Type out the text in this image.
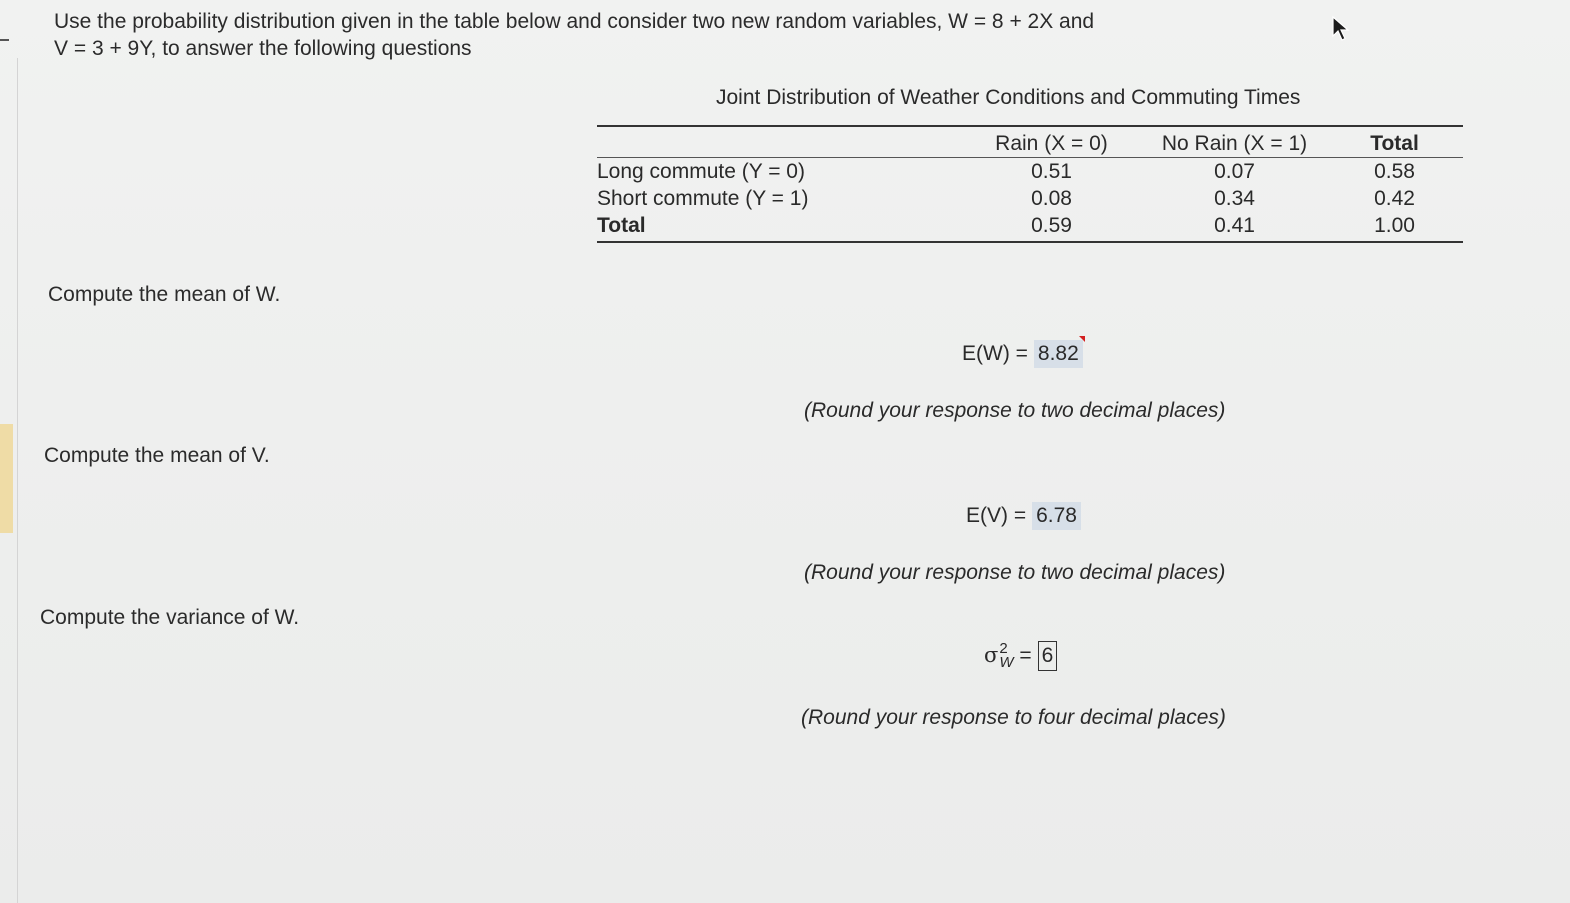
Use the probability distribution given in the table below and consider two new random variables, W = 8 + 2X and
V = 3 + 9Y, to answer the following questions
Compute the mean of W.
Compute the mean of V.
Compute the variance of W.
Joint Distribution of Weather Conditions and Commuting Times
	Rain (X = 0)	No Rain (X = 1)	Total
Long commute (Y = 0)	0.51	0.07	0.58
Short commute (Y = 1)	0.08	0.34	0.42
Total	0.59	0.41	1.00
E(W) = 8.82
(Round your response to two decimal places)
E(V) = 6.78
(Round your response to two decimal places)
σ 2
W = 6
(Round your response to four decimal places)
